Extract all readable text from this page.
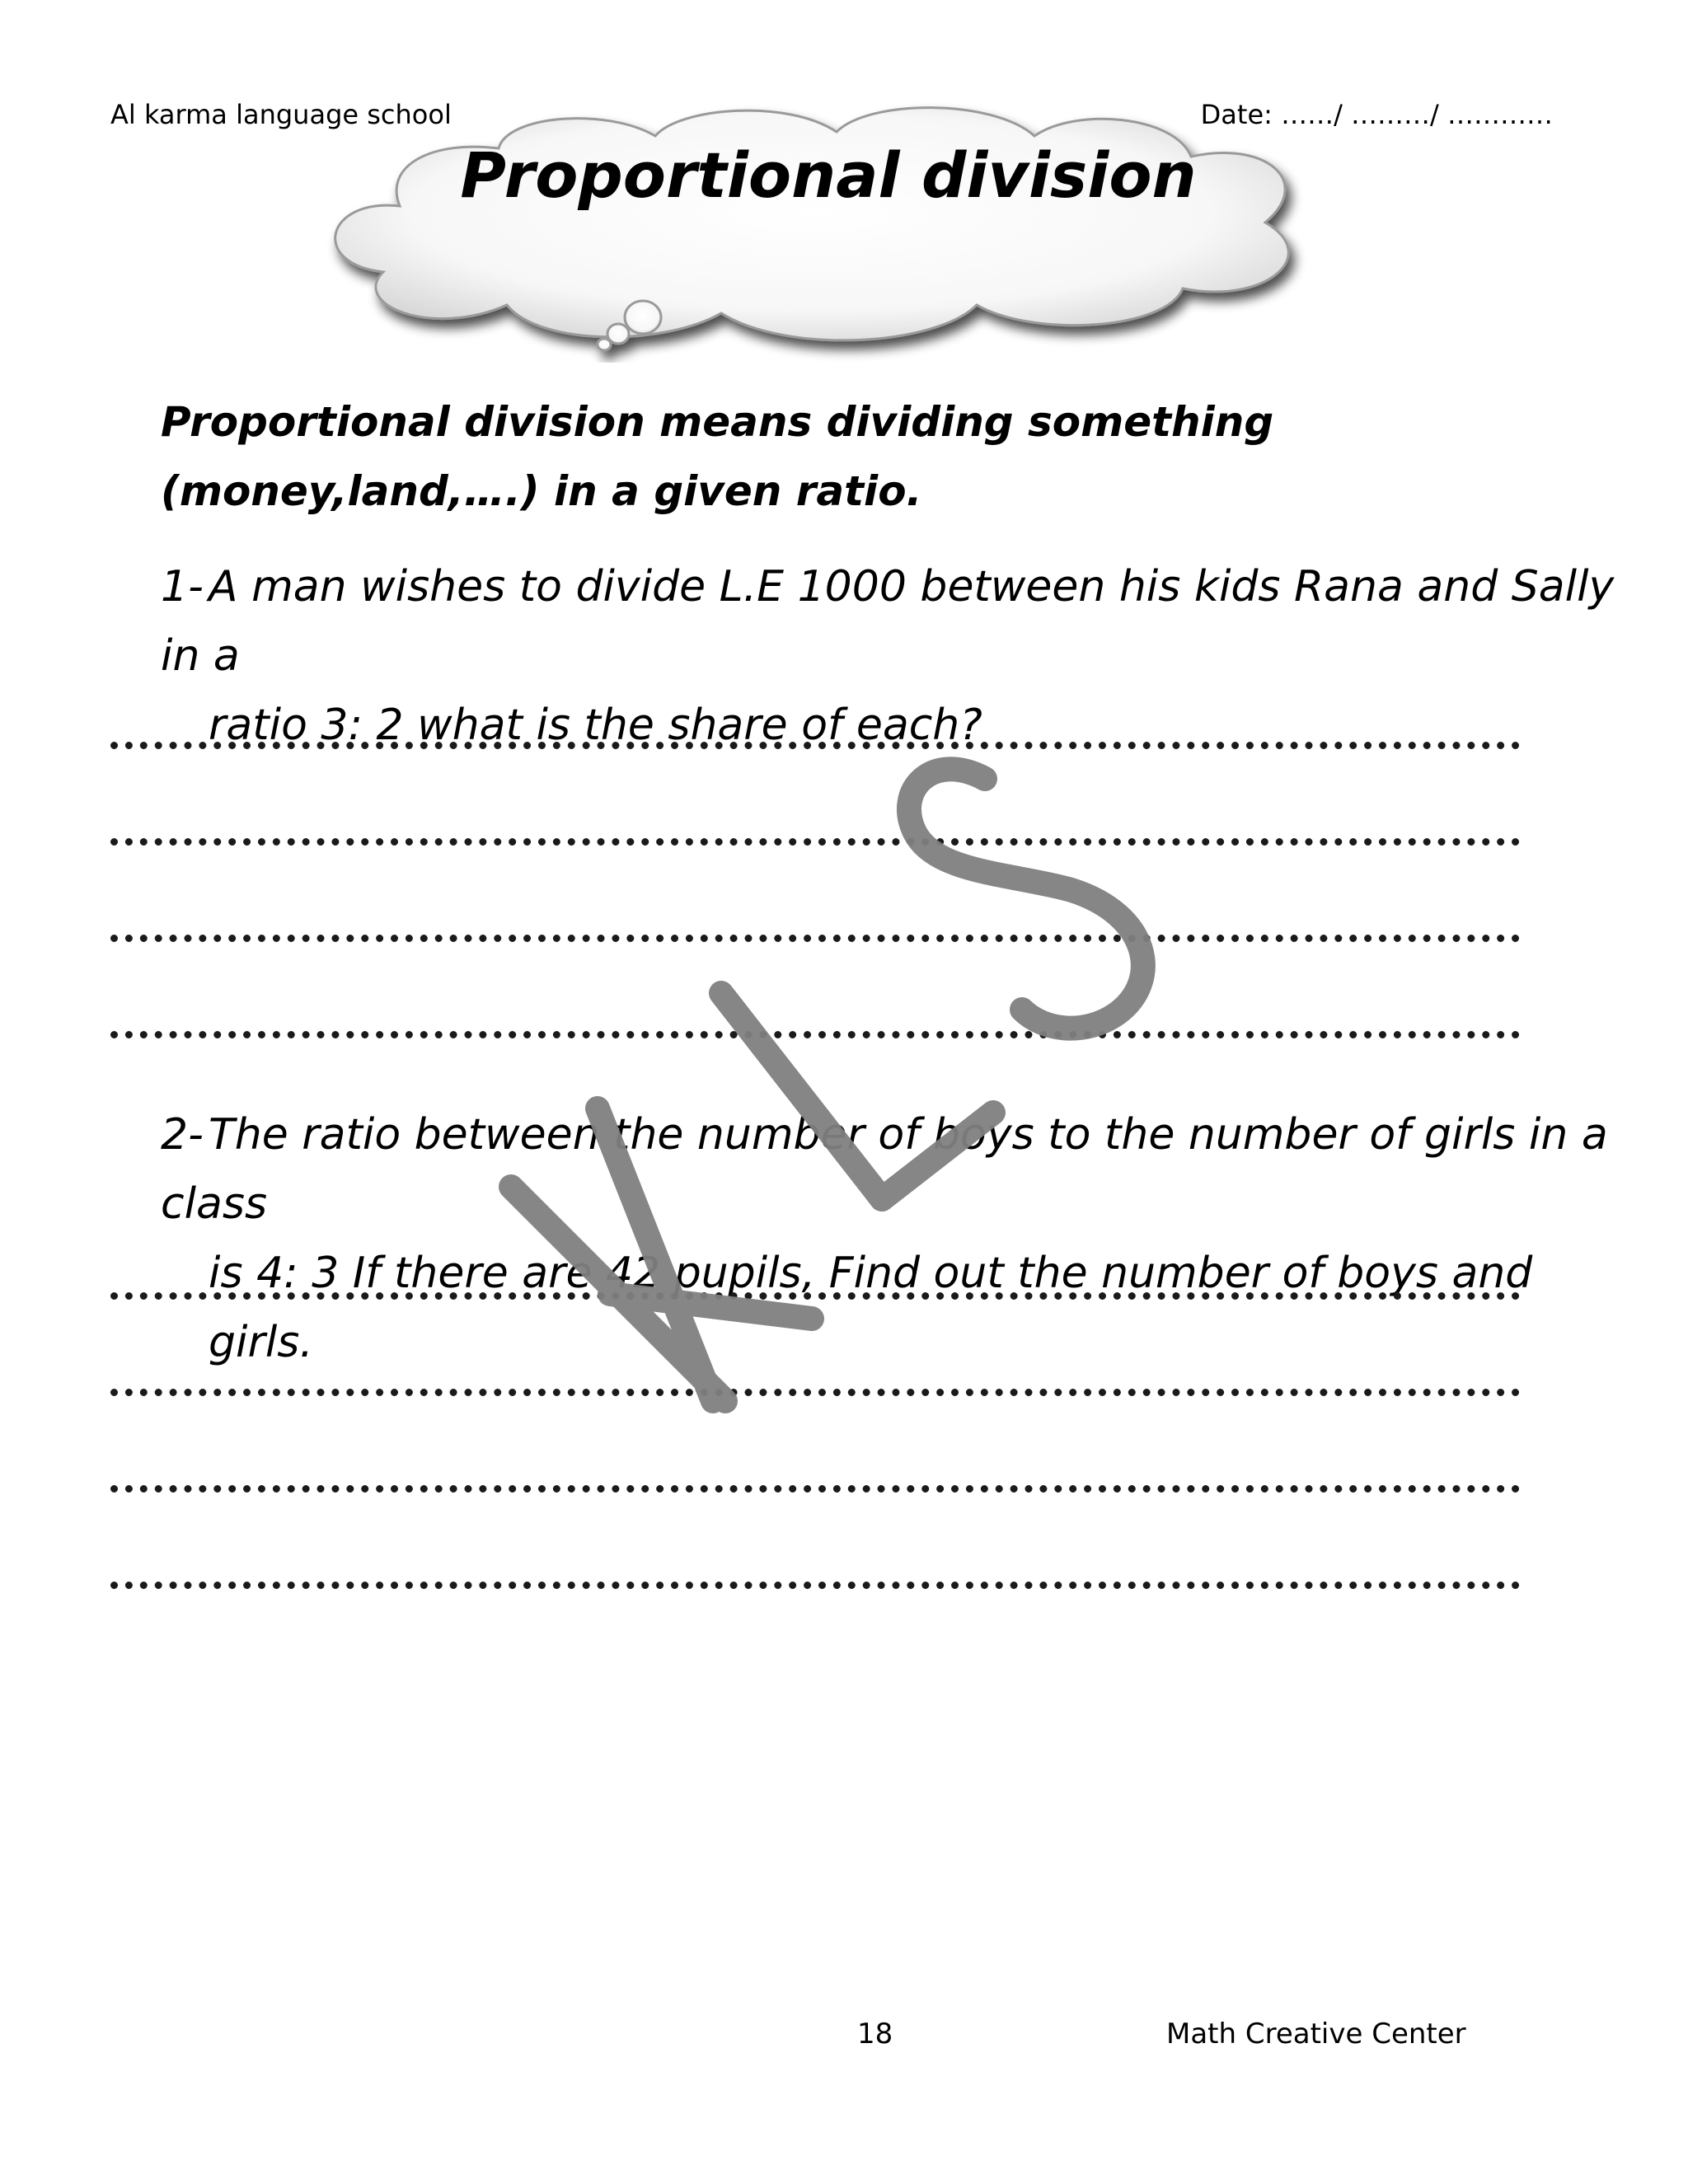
Al karma language school	Date: ……/ ………/ …………
Proportional division
Proportional division means dividing something (money,land,….) in a given ratio.
1- A man wishes to divide L.E 1000 between his kids Rana and Sally in a
ratio 3: 2 what is the share of each?
2- The ratio between the number of boys to the number of girls in a class
is 4: 3 If there are 42 pupils, Find out the number of boys and girls.
18	Math Creative Center
